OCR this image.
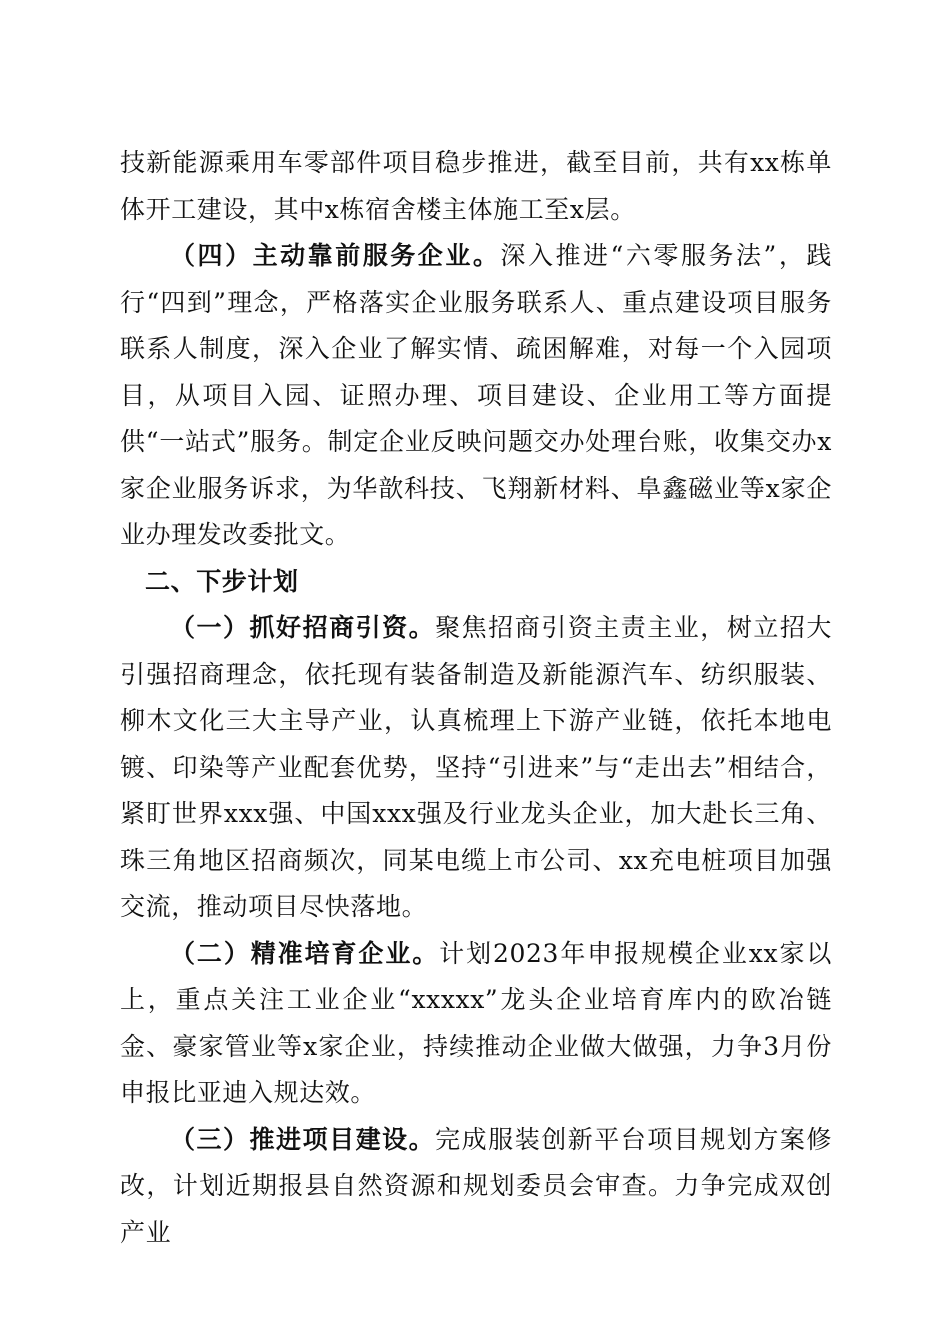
技新能源乘用车零部件项目稳步推进，截至目前，共有xx栋单体开工建设，其中x栋宿舍楼主体施工至x层。

（四）主动靠前服务企业。深入推进“六零服务法”，践行“四到”理念，严格落实企业服务联系人、重点建设项目服务联系人制度，深入企业了解实情、疏困解难，对每一个入园项目，从项目入园、证照办理、项目建设、企业用工等方面提供“一站式”服务。制定企业反映问题交办处理台账，收集交办x家企业服务诉求，为华歆科技、飞翔新材料、阜鑫磁业等x家企业办理发改委批文。

二、下步计划

（一）抓好招商引资。聚焦招商引资主责主业，树立招大引强招商理念，依托现有装备制造及新能源汽车、纺织服装、柳木文化三大主导产业，认真梳理上下游产业链，依托本地电镀、印染等产业配套优势，坚持“引进来”与“走出去”相结合，紧盯世界xxx强、中国xxx强及行业龙头企业，加大赴长三角、珠三角地区招商频次，同某电缆上市公司、xx充电桩项目加强交流，推动项目尽快落地。

（二）精准培育企业。计划2023年申报规模企业xx家以上，重点关注工业企业“xxxxx”龙头企业培育库内的欧冶链金、豪家管业等x家企业，持续推动企业做大做强，力争3月份申报比亚迪入规达效。

（三）推进项目建设。完成服装创新平台项目规划方案修改，计划近期报县自然资源和规划委员会审查。力争完成双创产业
